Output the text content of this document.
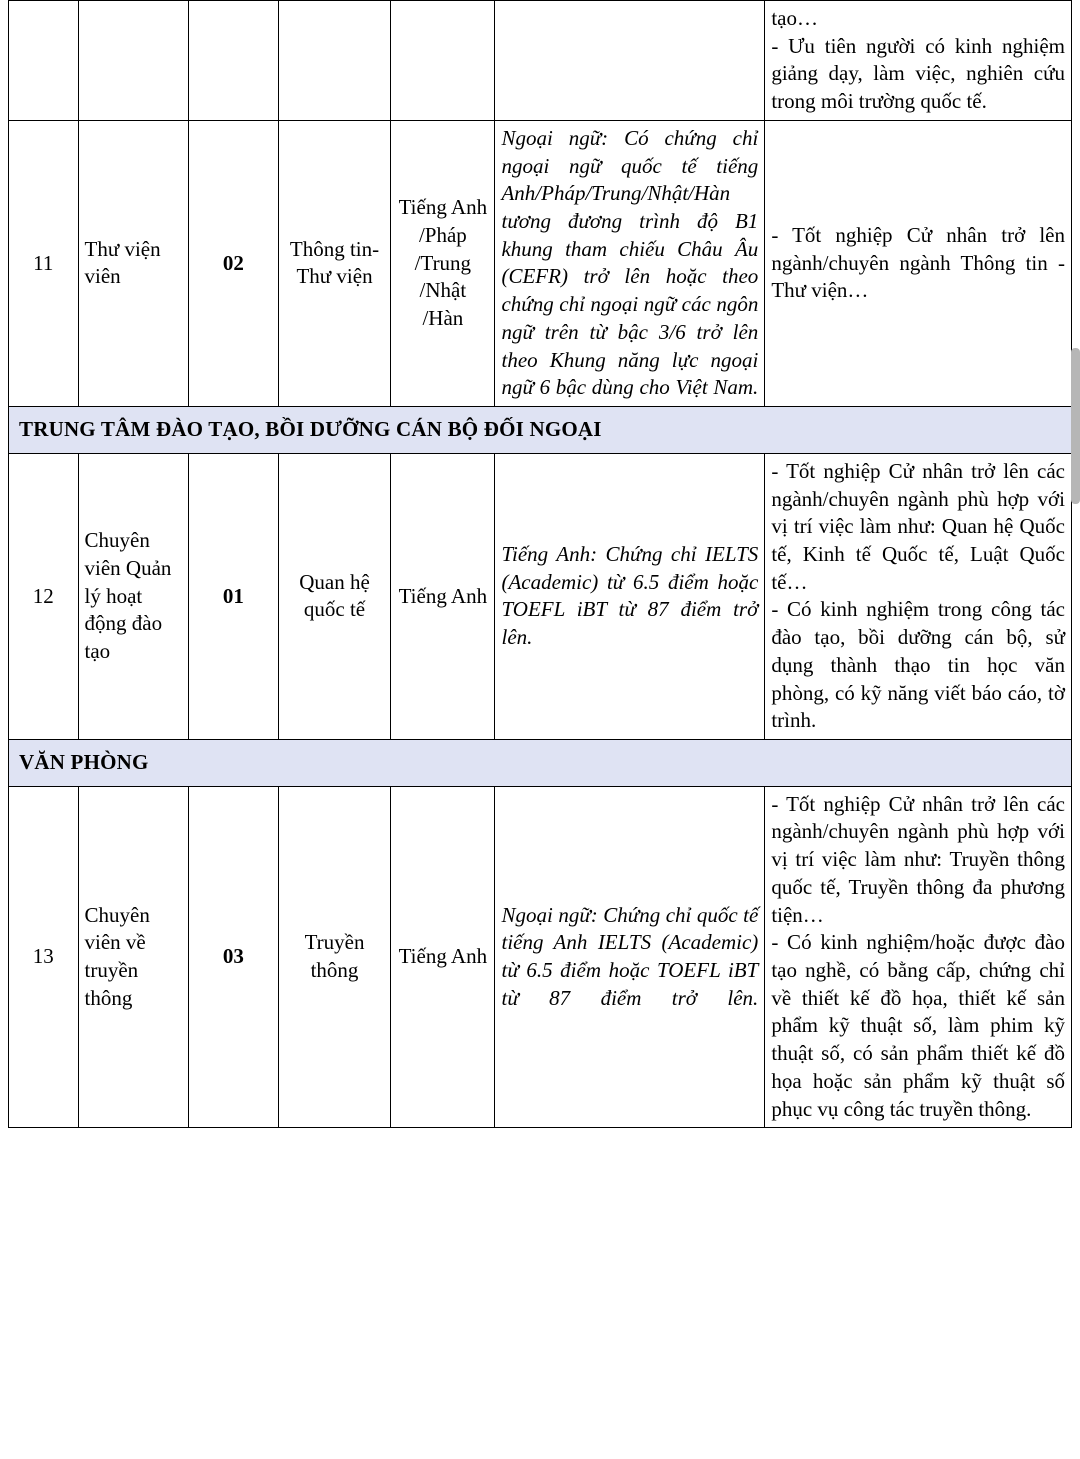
						tạo…

- Ưu tiên người có kinh nghiệm giảng dạy, làm việc, nghiên cứu trong môi trường quốc tế.

11	Thư viện viên	02	Thông tin-Thư viện	Tiếng Anh /Pháp /Trung /Nhật /Hàn	Ngoại ngữ: Có chứng chỉ ngoại ngữ quốc tế tiếng Anh/Pháp/Trung/Nhật/Hàn tương đương trình độ B1 khung tham chiếu Châu Âu (CEFR) trở lên hoặc theo chứng chỉ ngoại ngữ các ngôn ngữ trên từ bậc 3/6 trở lên theo Khung năng lực ngoại ngữ 6 bậc dùng cho Việt Nam.	- Tốt nghiệp Cử nhân trở lên ngành/chuyên ngành Thông tin - Thư viện…

TRUNG TÂM ĐÀO TẠO, BỒI DƯỠNG CÁN BỘ ĐỐI NGOẠI						
12	Chuyên viên Quản lý hoạt động đào tạo	01	Quan hệ quốc tế	Tiếng Anh	Tiếng Anh: Chứng chỉ IELTS (Academic) từ 6.5 điểm hoặc TOEFL iBT từ 87 điểm trở lên.	- Tốt nghiệp Cử nhân trở lên các ngành/chuyên ngành phù hợp với vị trí việc làm như: Quan hệ Quốc tế, Kinh tế Quốc tế, Luật Quốc tế…

- Có kinh nghiệm trong công tác đào tạo, bồi dưỡng cán bộ, sử dụng thành thạo tin học văn phòng, có kỹ năng viết báo cáo, tờ trình.

VĂN PHÒNG						
13	Chuyên viên về truyền thông	03	Truyền thông	Tiếng Anh	Ngoại ngữ: Chứng chỉ quốc tế tiếng Anh IELTS (Academic) từ 6.5 điểm hoặc TOEFL iBT từ 87 điểm trở lên.	- Tốt nghiệp Cử nhân trở lên các ngành/chuyên ngành phù hợp với vị trí việc làm như: Truyền thông quốc tế, Truyền thông đa phương tiện…

- Có kinh nghiệm/hoặc được đào tạo nghề, có bằng cấp, chứng chỉ về thiết kế đồ họa, thiết kế sản phẩm kỹ thuật số, làm phim kỹ thuật số, có sản phẩm thiết kế đồ họa hoặc sản phẩm kỹ thuật số phục vụ công tác truyền thông.
